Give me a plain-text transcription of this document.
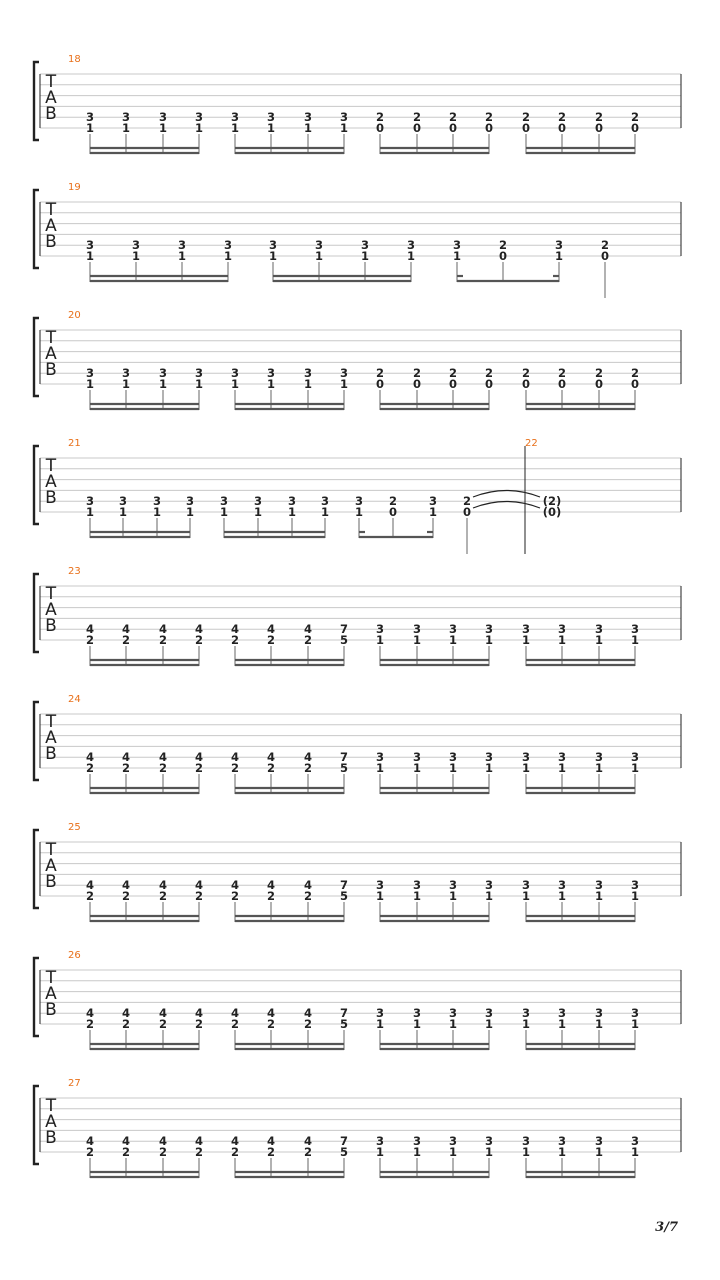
T
A
B
18
3
1
3
1
3
1
3
1
3
1
3
1
3
1
3
1
2
0
2
0
2
0
2
0
2
0
2
0
2
0
2
0
T
A
B
19
3
1
3
1
3
1
3
1
3
1
3
1
3
1
3
1
3
1
2
0
3
1
2
0
T
A
B
20
3
1
3
1
3
1
3
1
3
1
3
1
3
1
3
1
2
0
2
0
2
0
2
0
2
0
2
0
2
0
2
0
T
A
B
21
3
1
3
1
3
1
3
1
3
1
3
1
3
1
3
1
3
1
2
0
3
1
2
0
22
(2)
(0)
T
A
B
23
4
2
4
2
4
2
4
2
4
2
4
2
4
2
7
5
3
1
3
1
3
1
3
1
3
1
3
1
3
1
3
1
T
A
B
24
4
2
4
2
4
2
4
2
4
2
4
2
4
2
7
5
3
1
3
1
3
1
3
1
3
1
3
1
3
1
3
1
T
A
B
25
4
2
4
2
4
2
4
2
4
2
4
2
4
2
7
5
3
1
3
1
3
1
3
1
3
1
3
1
3
1
3
1
T
A
B
26
4
2
4
2
4
2
4
2
4
2
4
2
4
2
7
5
3
1
3
1
3
1
3
1
3
1
3
1
3
1
3
1
T
A
B
27
4
2
4
2
4
2
4
2
4
2
4
2
4
2
7
5
3
1
3
1
3
1
3
1
3
1
3
1
3
1
3
1
3/7
